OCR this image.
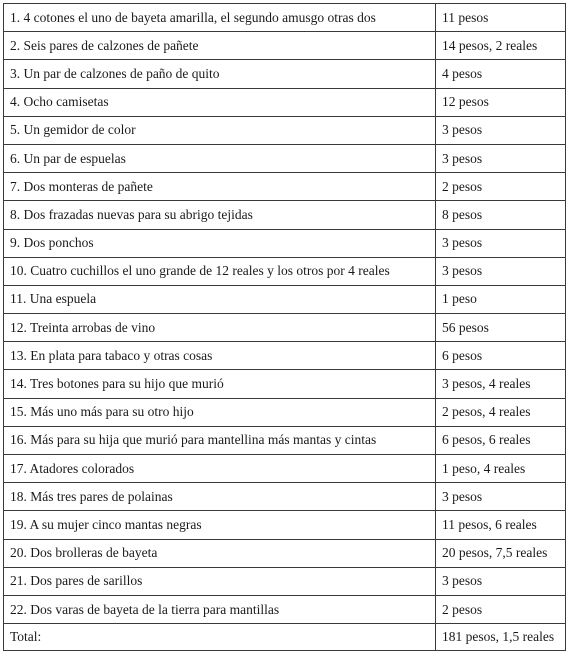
1. 4 cotones el uno de bayeta amarilla, el segundo amusgo otras dos	11 pesos
2. Seis pares de calzones de pañete	14 pesos, 2 reales
3. Un par de calzones de paño de quito	4 pesos
4. Ocho camisetas	12 pesos
5. Un gemidor de color	3 pesos
6. Un par de espuelas	3 pesos
7. Dos monteras de pañete	2 pesos
8. Dos frazadas nuevas para su abrigo tejidas	8 pesos
9. Dos ponchos	3 pesos
10. Cuatro cuchillos el uno grande de 12 reales y los otros por 4 reales	3 pesos
11. Una espuela	1 peso
12. Treinta arrobas de vino	56 pesos
13. En plata para tabaco y otras cosas	6 pesos
14. Tres botones para su hijo que murió	3 pesos, 4 reales
15. Más uno más para su otro hijo	2 pesos, 4 reales
16. Más para su hija que murió para mantellina más mantas y cintas	6 pesos, 6 reales
17. Atadores colorados	1 peso, 4 reales
18. Más tres pares de polainas	3 pesos
19. A su mujer cinco mantas negras	11 pesos, 6 reales
20. Dos brolleras de bayeta	20 pesos, 7,5 reales
21. Dos pares de sarillos	3 pesos
22. Dos varas de bayeta de la tierra para mantillas	2 pesos
Total:	181 pesos, 1,5 reales
